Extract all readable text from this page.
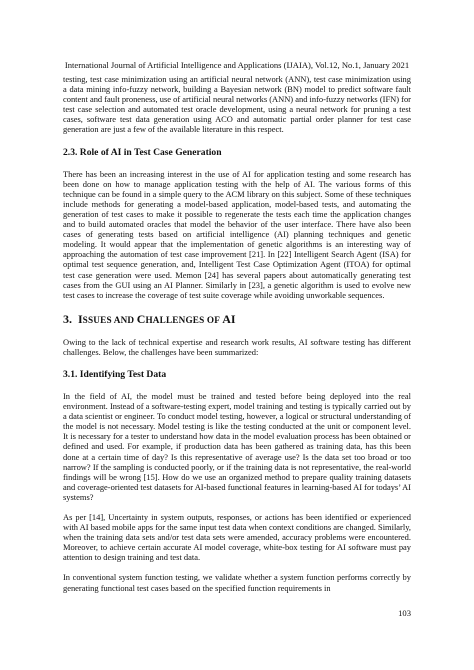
International Journal of Artificial Intelligence and Applications (IJAIA), Vol.12, No.1, January 2021

testing, test case minimization using an artificial neural network (ANN), test case minimization using a data mining info-fuzzy network, building a Bayesian network (BN) model to predict software fault content and fault proneness, use of artificial neural networks (ANN) and info-fuzzy networks (IFN) for test case selection and automated test oracle development, using a neural network for pruning a test cases, software test data generation using ACO and automatic partial order planner for test case generation are just a few of the available literature in this respect.

2.3. Role of AI in Test Case Generation

There has been an increasing interest in the use of AI for application testing and some research has been done on how to manage application testing with the help of AI. The various forms of this technique can be found in a simple query to the ACM library on this subject. Some of these techniques include methods for generating a model-based application, model-based tests, and automating the generation of test cases to make it possible to regenerate the tests each time the application changes and to build automated oracles that model the behavior of the user interface. There have also been cases of generating tests based on artificial intelligence (AI) planning techniques and genetic modeling. It would appear that the implementation of genetic algorithms is an interesting way of approaching the automation of test case improvement [21]. In [22] Intelligent Search Agent (ISA) for optimal test sequence generation, and, Intelligent Test Case Optimization Agent (ITOA) for optimal test case generation were used. Memon [24] has several papers about automatically generating test cases from the GUI using an AI Planner. Similarly in [23], a genetic algorithm is used to evolve new test cases to increase the coverage of test suite coverage while avoiding unworkable sequences.

3. ISSUES AND CHALLENGES OF AI

Owing to the lack of technical expertise and research work results, AI software testing has different challenges. Below, the challenges have been summarized:

3.1. Identifying Test Data

In the field of AI, the model must be trained and tested before being deployed into the real environment. Instead of a software-testing expert, model training and testing is typically carried out by a data scientist or engineer. To conduct model testing, however, a logical or structural understanding of the model is not necessary. Model testing is like the testing conducted at the unit or component level. It is necessary for a tester to understand how data in the model evaluation process has been obtained or defined and used. For example, if production data has been gathered as training data, has this been done at a certain time of day? Is this representative of average use? Is the data set too broad or too narrow? If the sampling is conducted poorly, or if the training data is not representative, the real-world findings will be wrong [15]. How do we use an organized method to prepare quality training datasets and coverage-oriented test datasets for AI-based functional features in learning-based AI for todays’ AI systems?

As per [14], Uncertainty in system outputs, responses, or actions has been identified or experienced with AI based mobile apps for the same input test data when context conditions are changed. Similarly, when the training data sets and/or test data sets were amended, accuracy problems were encountered. Moreover, to achieve certain accurate AI model coverage, white-box testing for AI software must pay attention to design training and test data.

In conventional system function testing, we validate whether a system function performs correctly by generating functional test cases based on the specified function requirements in

103
